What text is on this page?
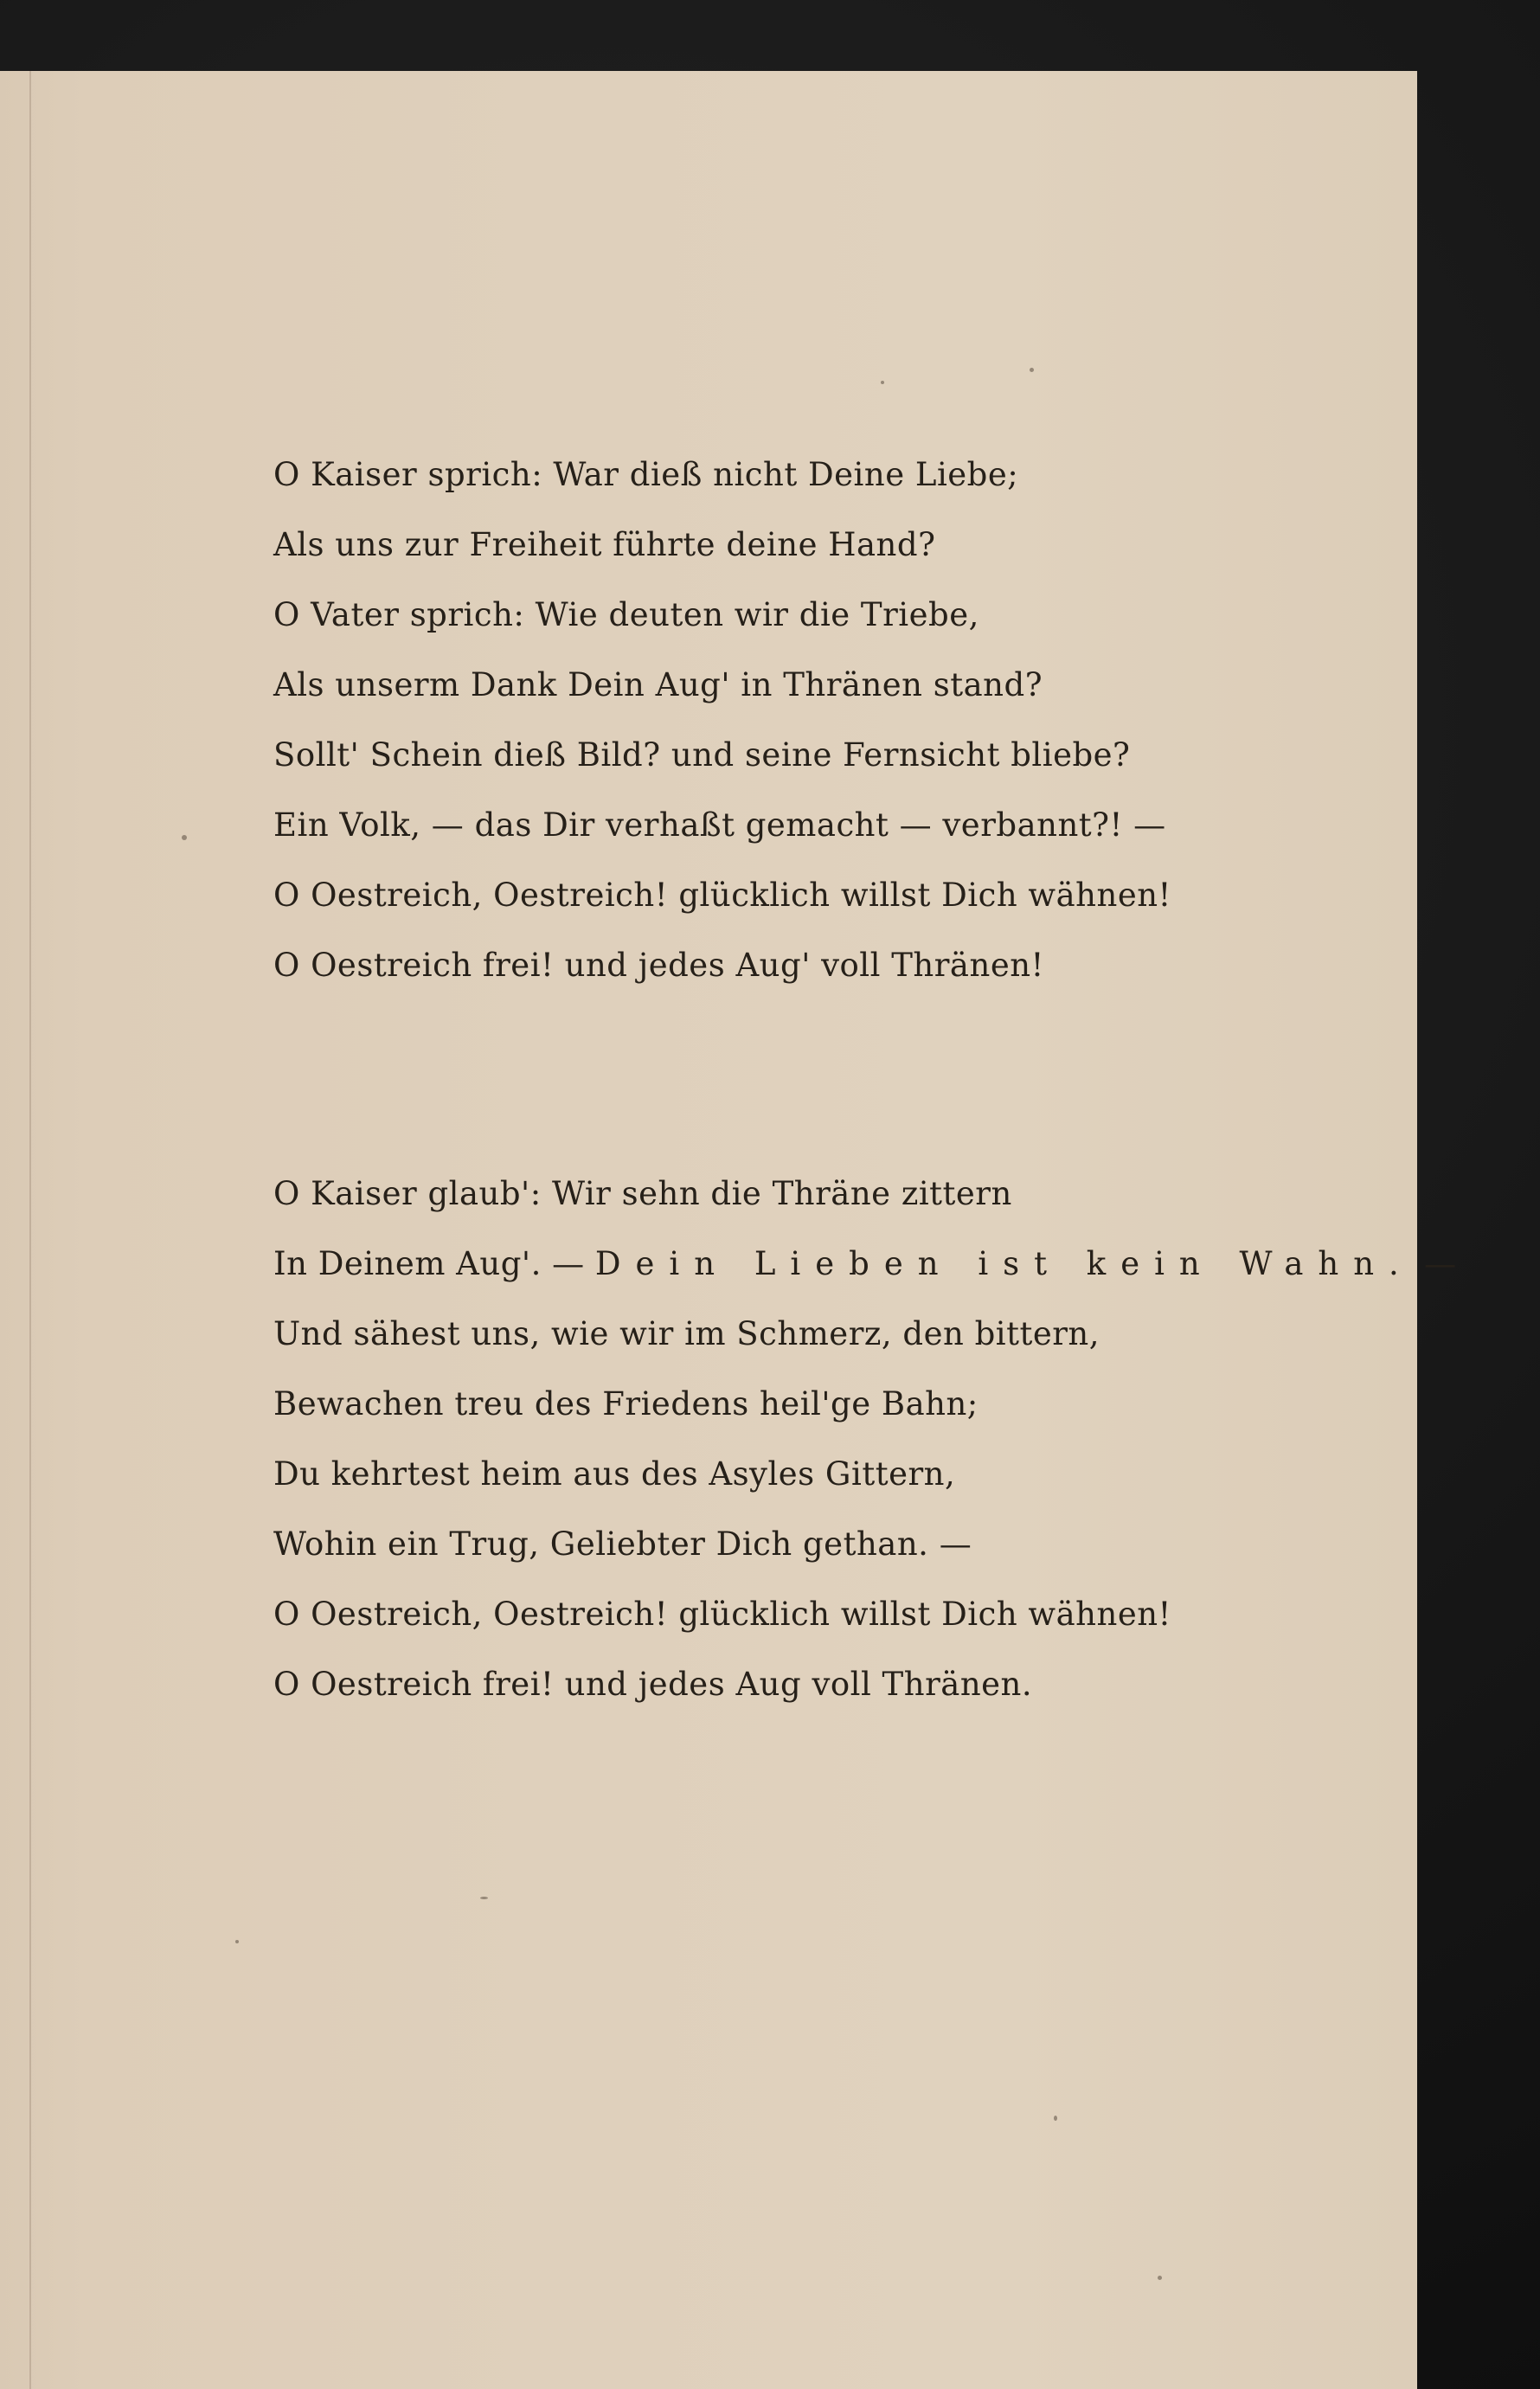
O Kaiser sprich: War dieß nicht Deine Liebe;
Als uns zur Freiheit führte deine Hand?
O Vater sprich: Wie deuten wir die Triebe,
Als unserm Dank Dein Aug' in Thränen stand?
Sollt' Schein dieß Bild? und seine Fernsicht bliebe?
Ein Volk, — das Dir verhaßt gemacht — verbannt?! —
O Oestreich, Oestreich! glücklich willst Dich wähnen!
O Oestreich frei! und jedes Aug' voll Thränen!
O Kaiser glaub': Wir sehn die Thräne zittern
In Deinem Aug'. — Dein Lieben ist kein Wahn. —
Und sähest uns, wie wir im Schmerz, den bittern,
Bewachen treu des Friedens heil'ge Bahn;
Du kehrtest heim aus des Asyles Gittern,
Wohin ein Trug, Geliebter Dich gethan. —
O Oestreich, Oestreich! glücklich willst Dich wähnen!
O Oestreich frei! und jedes Aug voll Thränen.
